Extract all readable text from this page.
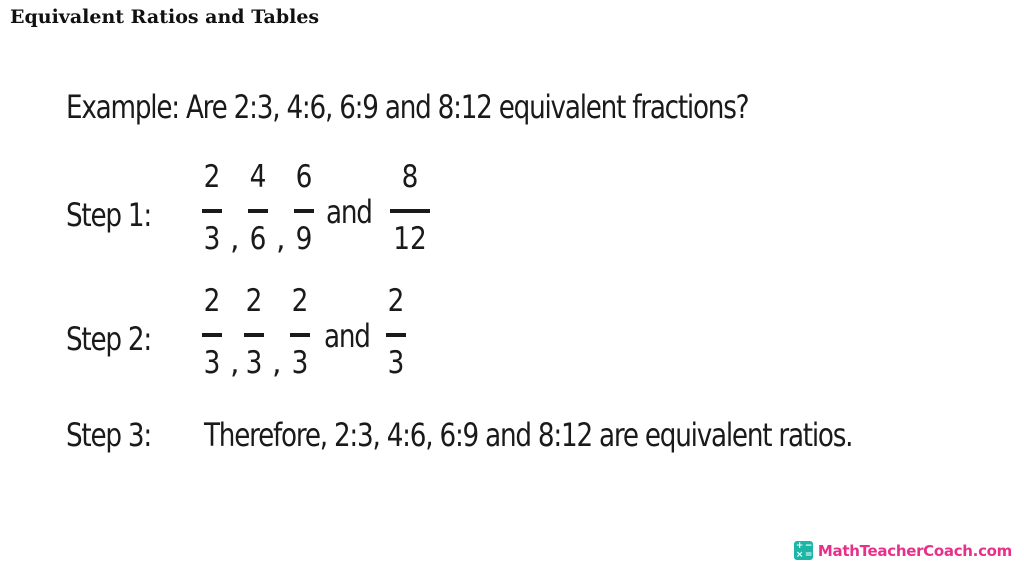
Equivalent Ratios and Tables
Example: Are 2:3, 4:6, 6:9 and 8:12 equivalent fractions?
Step 1:
2
3 ,
4
6 ,
6
9
and
8
12
Step 2:
2
3 ,
2
3 ,
2
3
and
2
3
Step 3: Therefore, 2:3, 4:6, 6:9 and 8:12 are equivalent ratios.
+ −
× = MathTeacherCoach.com
